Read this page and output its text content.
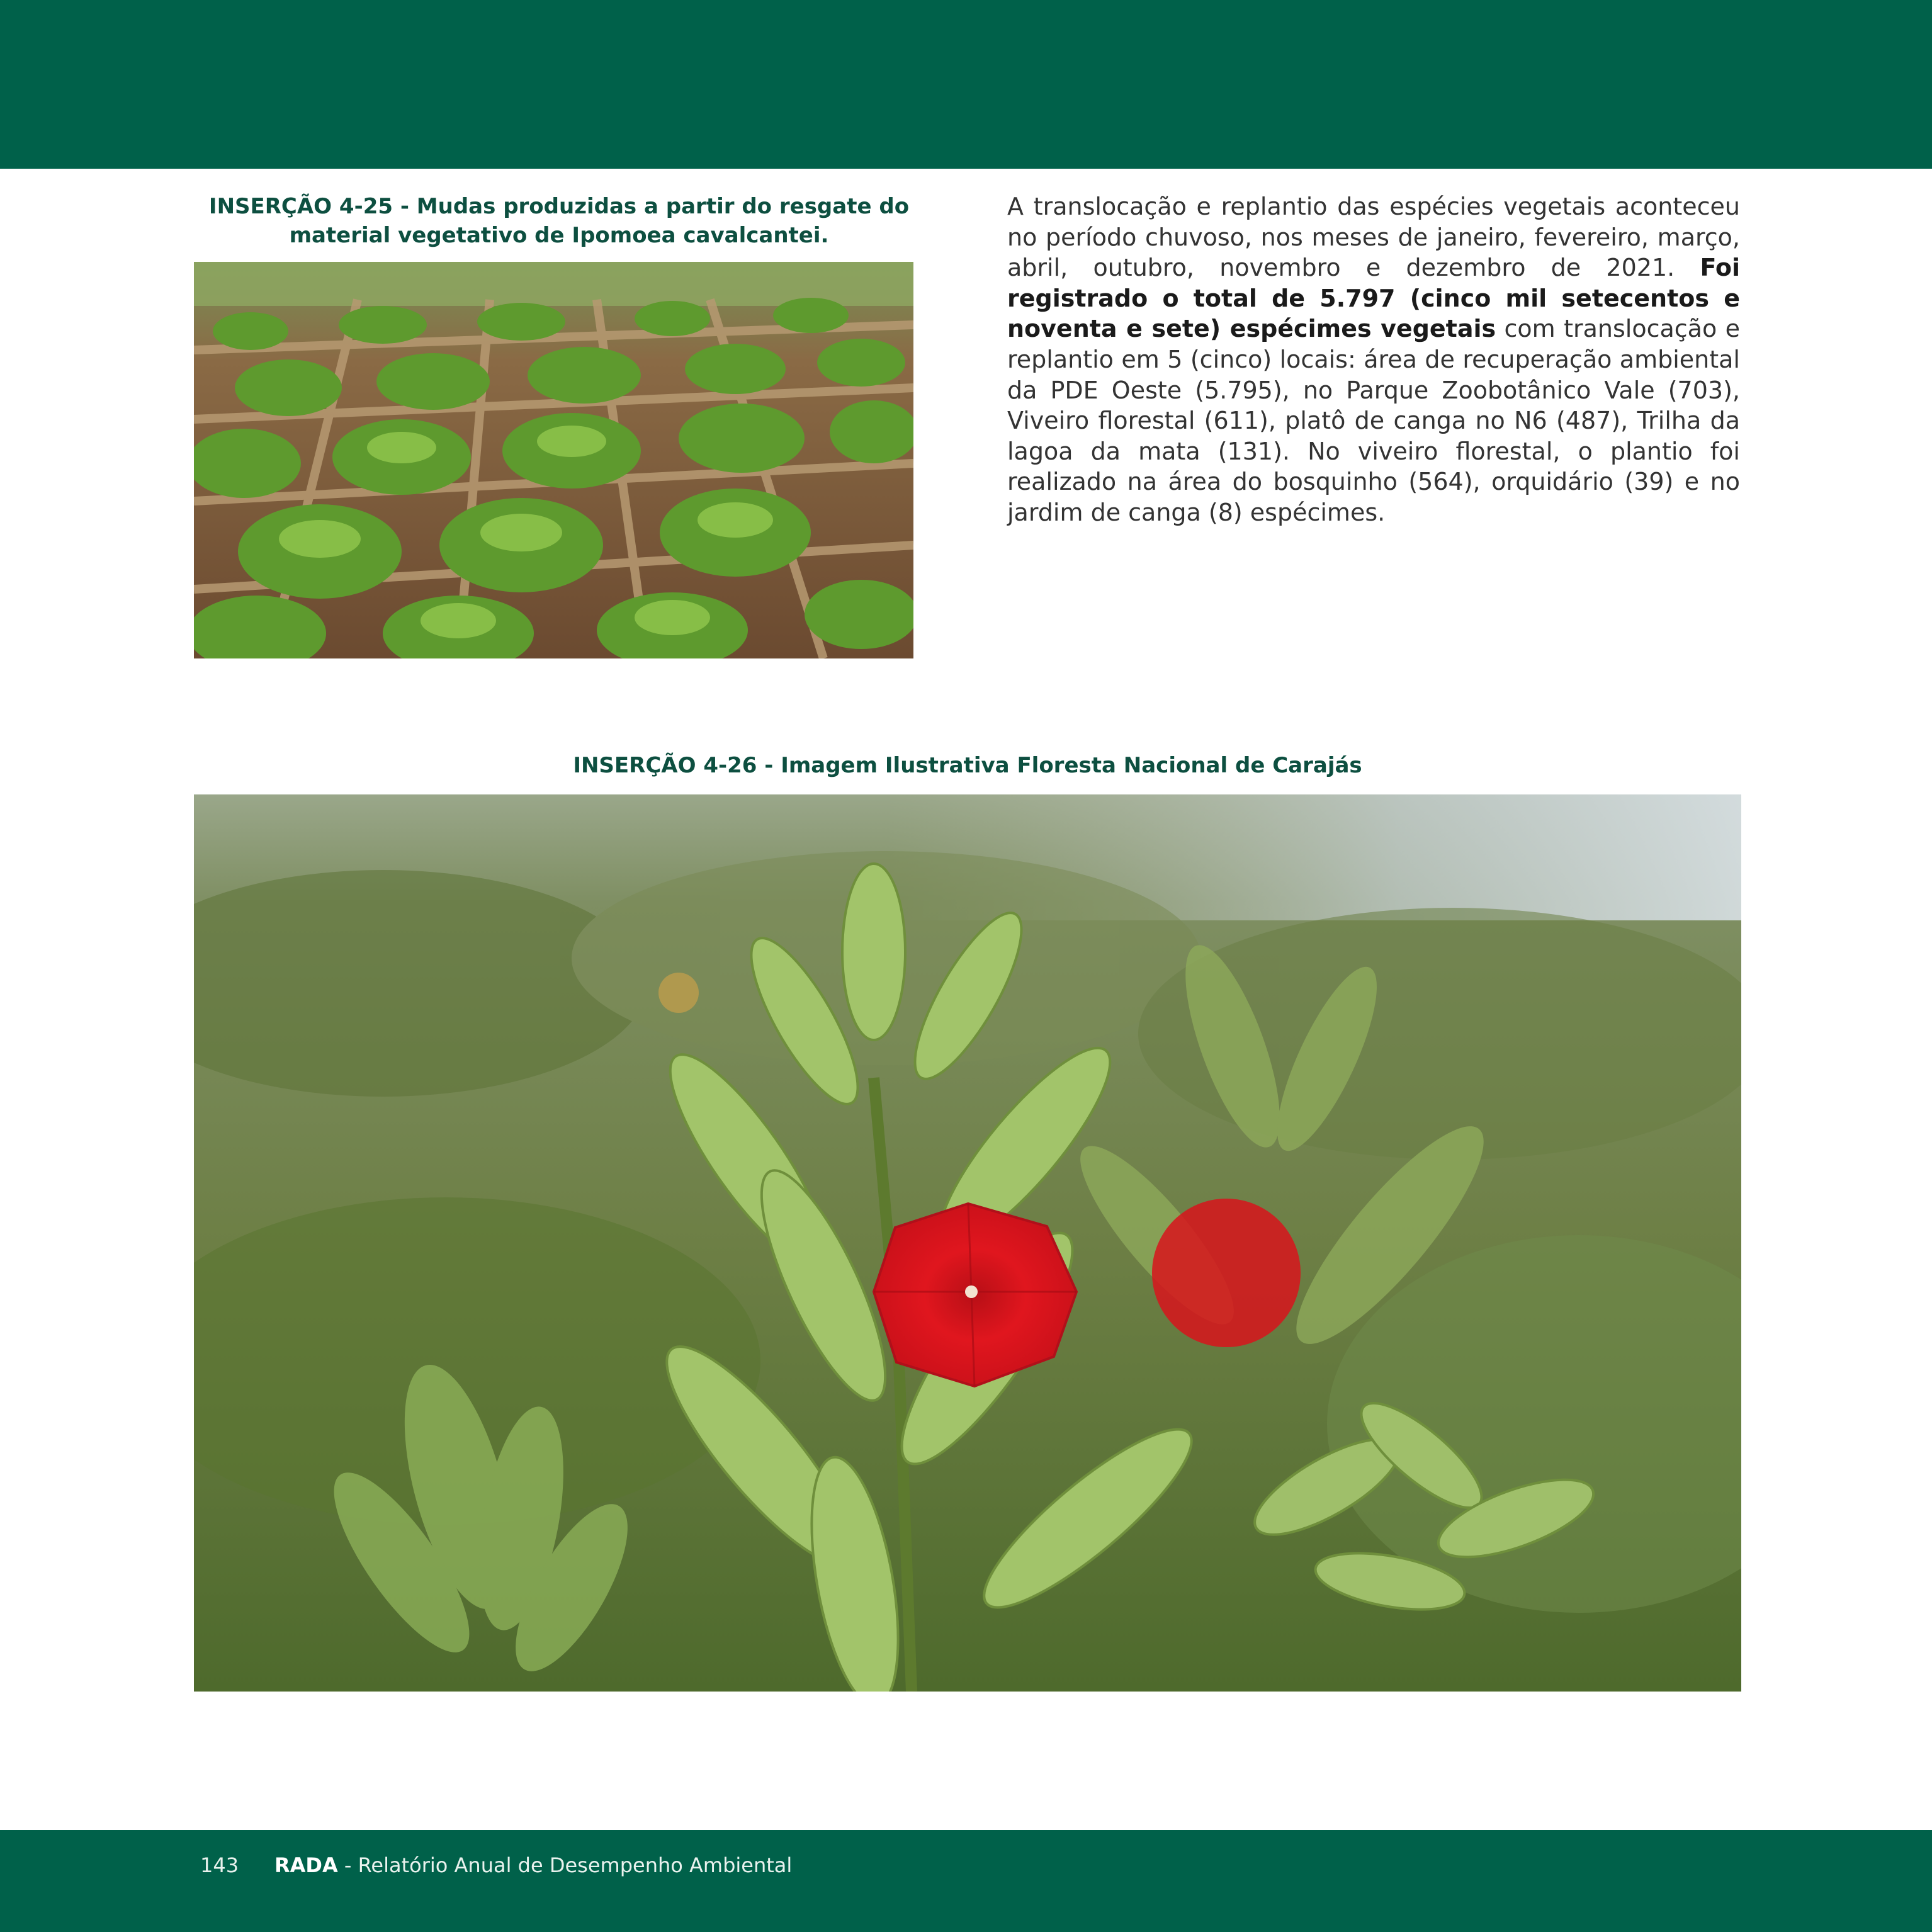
INSERÇÃO 4-25 - Mudas produzidas a partir do resgate do material vegetativo de Ipomoea cavalcantei.

A translocação e replantio das espécies vegetais aconteceu no período chuvoso, nos meses de janeiro, fevereiro, março, abril, outubro, novembro e dezembro de 2021. Foi registrado o total de 5.797 (cinco mil setecentos e noventa e sete) espécimes vegetais com translocação e replantio em 5 (cinco) locais: área de recuperação ambiental da PDE Oeste (5.795), no Parque Zoobotânico Vale (703), Viveiro florestal (611), platô de canga no N6 (487), Trilha da lagoa da mata (131). No viveiro florestal, o plantio foi realizado na área do bosquinho (564), orquidário (39) e no jardim de canga (8) espécimes.

INSERÇÃO 4-26 - Imagem Ilustrativa Floresta Nacional de Carajás

143 RADA - Relatório Anual de Desempenho Ambiental
